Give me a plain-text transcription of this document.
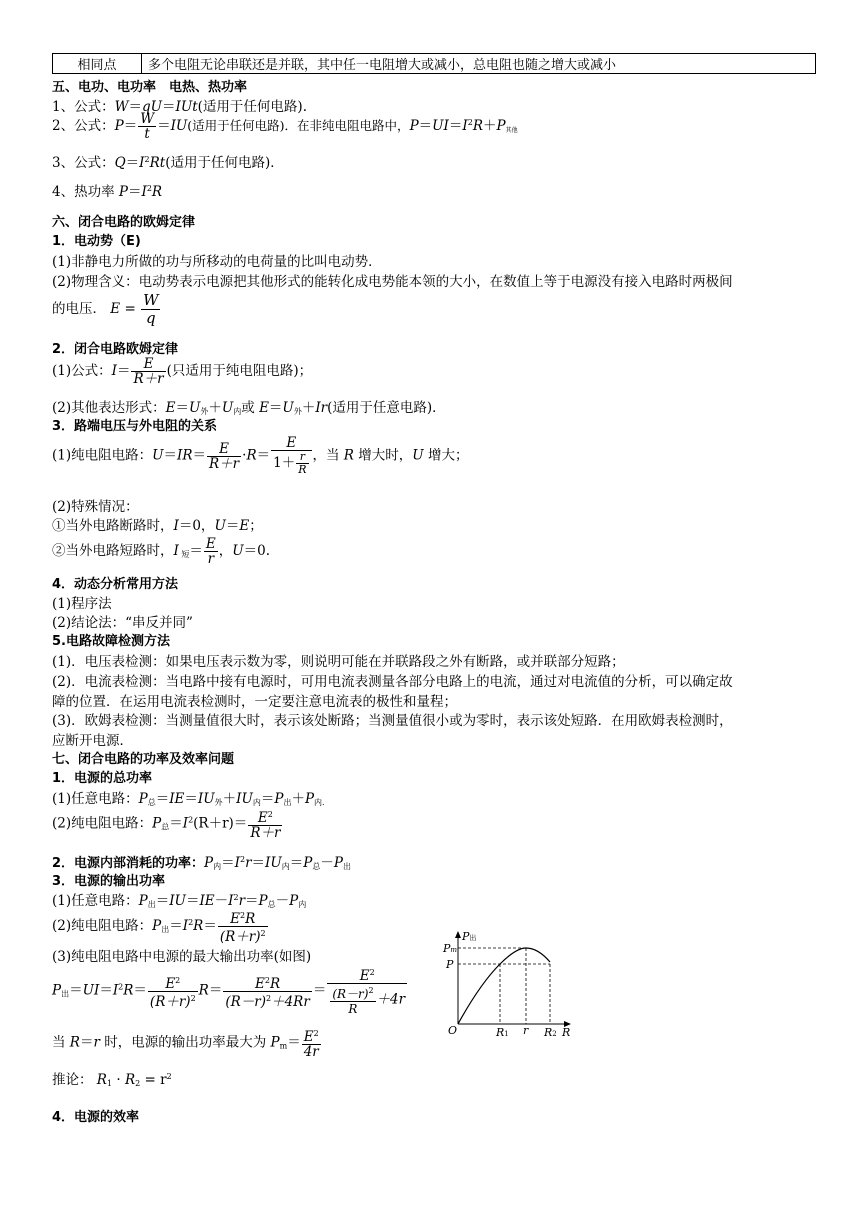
相同点	多个电阻无论串联还是并联，其中任一电阻增大或减小，总电阻也随之增大或减小
五、电功、电功率　电热、热功率
1、公式：W＝qU＝IUt(适用于任何电路).
2、公式：$P= \frac{W}{t} =IU$(适用于任何电路)．在非纯电阻电路中，$P=UI=I^2R+P_{其他}$
3、公式：$Q=I^2Rt$(适用于任何电路)．
4、热功率 $P=I^2R$
六、闭合电路的欧姆定律
1．电动势（E)
(1)非静电力所做的功与所移动的电荷量的比叫电动势．
(2)物理含义：电动势表示电源把其他形式的能转化成电势能本领的大小，在数值上等于电源没有接入电路时两极间
的电压． $E = \frac{W}{q}$
2．闭合电路欧姆定律
(1)公式：$I= \frac{E}{R+r}$ (只适用于纯电阻电路)；
(2)其他表达形式：$E=U_外+U_内$或 $E=U_外+Ir$(适用于任意电路)．
3．路端电压与外电阻的关系
(1)纯电阻电路：$U=IR= \frac{E}{R+r} \cdot R= \frac{E}{1+ \frac{r}{R}}$ ，当 R 增大时，U 增大；
(2)特殊情况：
①当外电路断路时，I＝0，U＝E；
②当外电路短路时，I $_短= \frac{E}{r}$ ，U＝0.
4．动态分析常用方法
(1)程序法
(2)结论法：“串反并同”
5.电路故障检测方法
(1)．电压表检测：如果电压表示数为零，则说明可能在并联路段之外有断路，或并联部分短路；
(2)．电流表检测：当电路中接有电源时，可用电流表测量各部分电路上的电流，通过对电流值的分析，可以确定故
障的位置．在运用电流表检测时，一定要注意电流表的极性和量程；
(3)．欧姆表检测：当测量值很大时，表示该处断路；当测量值很小或为零时，表示该处短路．在用欧姆表检测时，
应断开电源．
七、闭合电路的功率及效率问题
1．电源的总功率
(1)任意电路：$P_总=IE=IU_外+IU_内=P_出+P_{内.}$
(2)纯电阻电路：$P_总=I^2(R+r)= \frac{E^2}{R+r}$
2．电源内部消耗的功率：$P_内=I^2r=IU_内=P_总-P_出$
3．电源的输出功率
(1)任意电路：$P_出=IU=IE-I^2r=P_总-P_内$
(2)纯电阻电路：$P_出=I^2R= \frac{E^2R}{(R+r)^2}$
(3)纯电阻电路中电源的最大输出功率(如图)
$P_出=UI=I^2R= \frac{E^2}{(R+r)^2} R= \frac{E^2R}{(R-r)^2+4Rr} = \frac{E^2}{\frac{(R-r)^2}{R} +4r}$
当 R＝r 时，电源的输出功率最大为 $P_m= \frac{E^2}{4r}$
推论： $R_1 \cdot R_2 = r^2$
4．电源的效率
P出
Pm
P
O	R1 r R2 R
